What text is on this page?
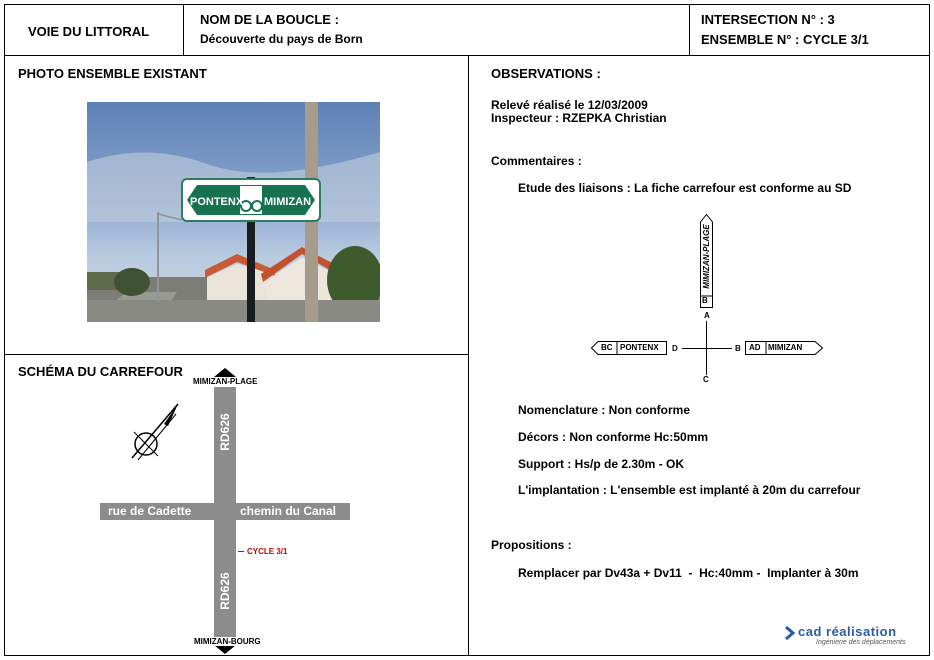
VOIE DU LITTORAL
NOM DE LA BOUCLE :
Découverte du pays de Born
INTERSECTION N° : 3
ENSEMBLE N° : CYCLE 3/1
PHOTO ENSEMBLE EXISTANT
PONTENX MIMIZAN
SCHÉMA DU CARREFOUR
MIMIZAN-PLAGE
RD626
RD626
rue de Cadette	chemin du Canal
CYCLE 3/1
MIMIZAN-BOURG
OBSERVATIONS :
Relevé réalisé le 12/03/2009
Inspecteur : RZEPKA Christian
Commentaires :
Etude des liaisons : La fiche carrefour est conforme au SD
B
MIMIZAN-PLAGE
A
C
D	B
BC PONTENX	AD MIMIZAN
Nomenclature : Non conforme
Décors : Non conforme Hc:50mm
Support : Hs/p de 2.30m - OK
L'implantation : L'ensemble est implanté à 20m du carrefour
Propositions :
Remplacer par Dv43a + Dv11  -  Hc:40mm -  Implanter à 30m
cad réalisation
Ingénierie des déplacements
